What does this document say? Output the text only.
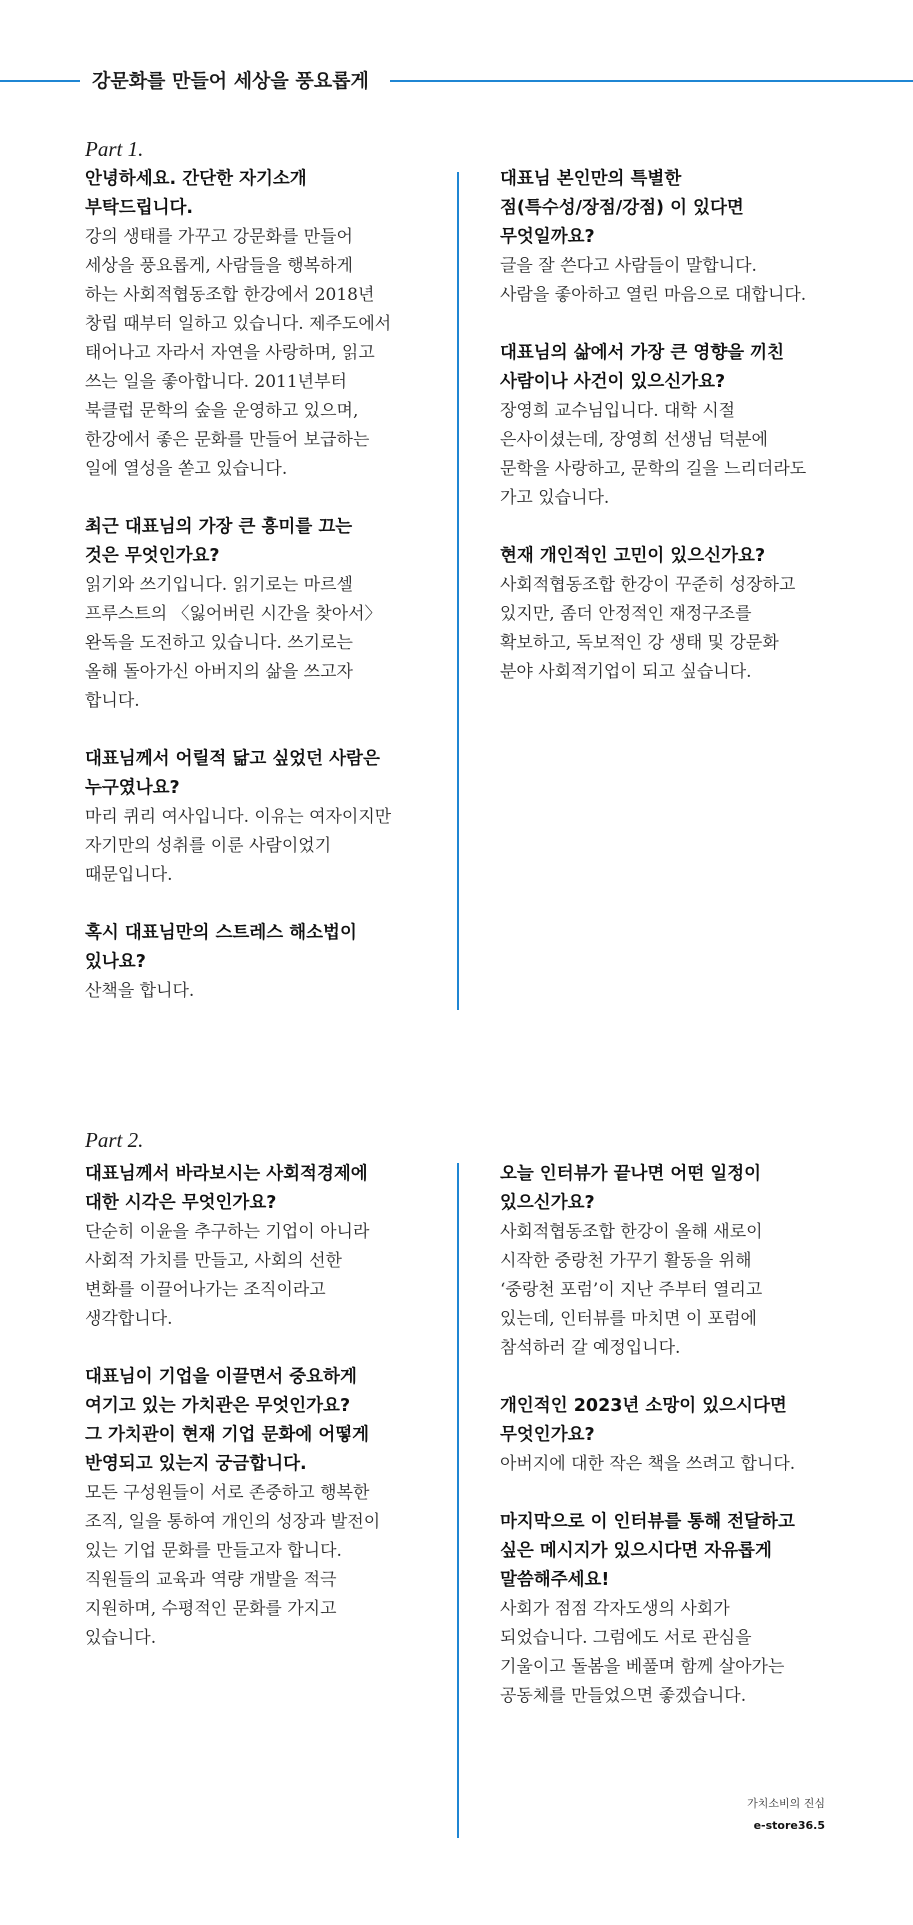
강문화를 만들어 세상을 풍요롭게
Part 1.

안녕하세요. 간단한 자기소개

부탁드립니다.

강의 생태를 가꾸고 강문화를 만들어

세상을 풍요롭게, 사람들을 행복하게

하는 사회적협동조합 한강에서 2018년

창립 때부터 일하고 있습니다. 제주도에서

태어나고 자라서 자연을 사랑하며, 읽고

쓰는 일을 좋아합니다. 2011년부터

북클럽 문학의 숲을 운영하고 있으며,

한강에서 좋은 문화를 만들어 보급하는

일에 열성을 쏟고 있습니다.

최근 대표님의 가장 큰 흥미를 끄는

것은 무엇인가요?

읽기와 쓰기입니다. 읽기로는 마르셀

프루스트의 〈잃어버린 시간을 찾아서〉

완독을 도전하고 있습니다. 쓰기로는

올해 돌아가신 아버지의 삶을 쓰고자

합니다.

대표님께서 어릴적 닮고 싶었던 사람은

누구였나요?

마리 퀴리 여사입니다. 이유는 여자이지만

자기만의 성취를 이룬 사람이었기

때문입니다.

혹시 대표님만의 스트레스 해소법이

있나요?

산책을 합니다.

대표님 본인만의 특별한

점(특수성/장점/강점) 이 있다면

무엇일까요?

글을 잘 쓴다고 사람들이 말합니다.

사람을 좋아하고 열린 마음으로 대합니다.

대표님의 삶에서 가장 큰 영향을 끼친

사람이나 사건이 있으신가요?

장영희 교수님입니다. 대학 시절

은사이셨는데, 장영희 선생님 덕분에

문학을 사랑하고, 문학의 길을 느리더라도

가고 있습니다.

현재 개인적인 고민이 있으신가요?

사회적협동조합 한강이 꾸준히 성장하고

있지만, 좀더 안정적인 재정구조를

확보하고, 독보적인 강 생태 및 강문화

분야 사회적기업이 되고 싶습니다.

Part 2.

대표님께서 바라보시는 사회적경제에

대한 시각은 무엇인가요?

단순히 이윤을 추구하는 기업이 아니라

사회적 가치를 만들고, 사회의 선한

변화를 이끌어나가는 조직이라고

생각합니다.

대표님이 기업을 이끌면서 중요하게

여기고 있는 가치관은 무엇인가요?

그 가치관이 현재 기업 문화에 어떻게

반영되고 있는지 궁금합니다.

모든 구성원들이 서로 존중하고 행복한

조직, 일을 통하여 개인의 성장과 발전이

있는 기업 문화를 만들고자 합니다.

직원들의 교육과 역량 개발을 적극

지원하며, 수평적인 문화를 가지고

있습니다.

오늘 인터뷰가 끝나면 어떤 일정이

있으신가요?

사회적협동조합 한강이 올해 새로이

시작한 중랑천 가꾸기 활동을 위해

‘중랑천 포럼’이 지난 주부터 열리고

있는데, 인터뷰를 마치면 이 포럼에

참석하러 갈 예정입니다.

개인적인 2023년 소망이 있으시다면

무엇인가요?

아버지에 대한 작은 책을 쓰려고 합니다.

마지막으로 이 인터뷰를 통해 전달하고

싶은 메시지가 있으시다면 자유롭게

말씀해주세요!

사회가 점점 각자도생의 사회가

되었습니다. 그럼에도 서로 관심을

기울이고 돌봄을 베풀며 함께 살아가는

공동체를 만들었으면 좋겠습니다.

가치소비의 진심
e-store36.5
